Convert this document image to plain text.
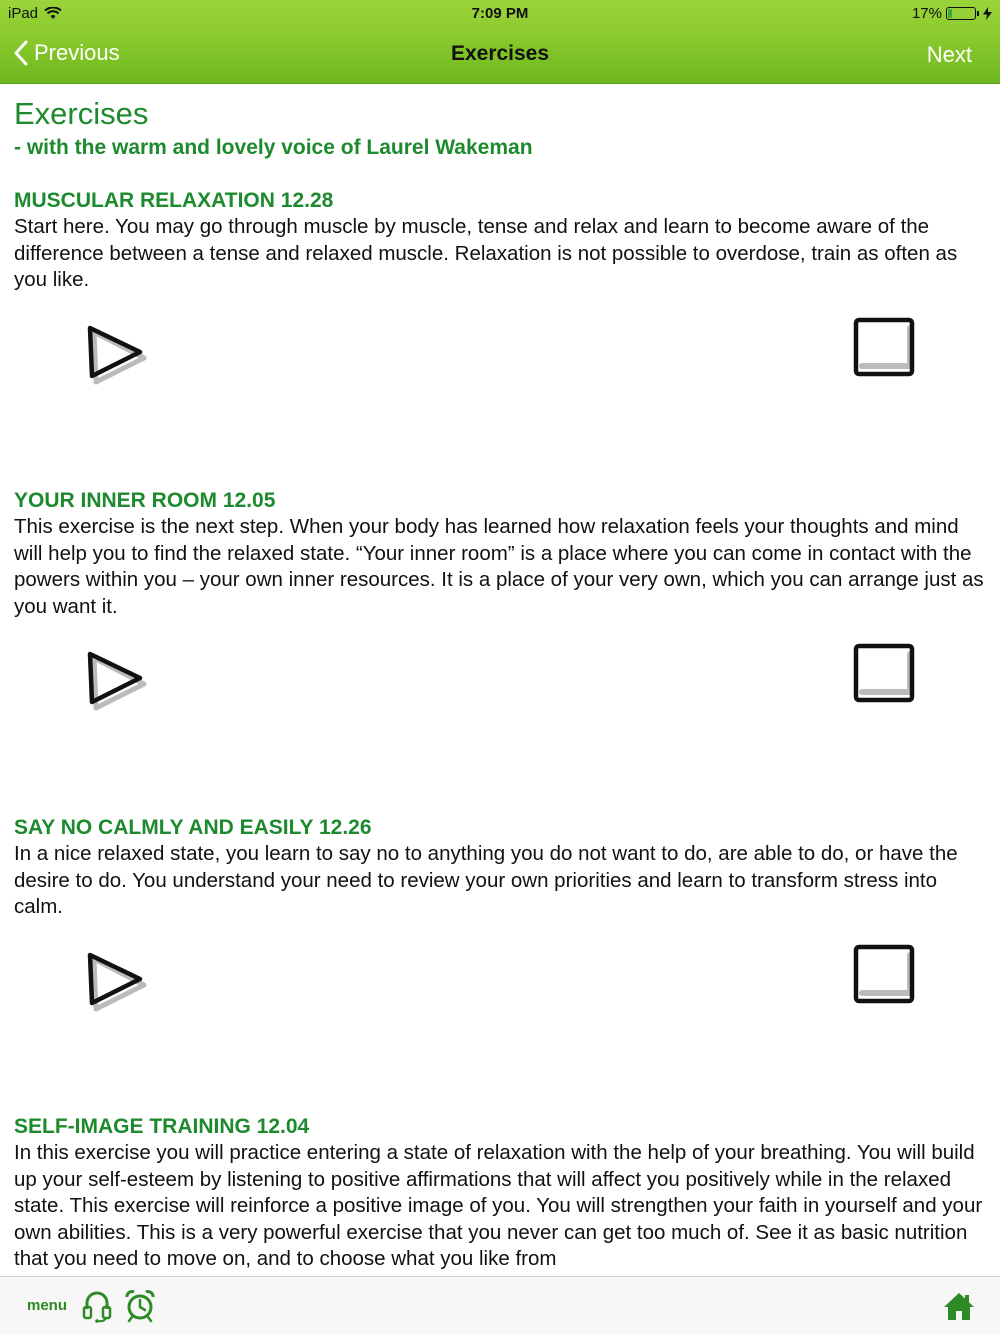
iPad	7:09 PM	17%
Previous	Exercises	Next
Exercises
- with the warm and lovely voice of Laurel Wakeman
MUSCULAR RELAXATION 12.28
Start here. You may go through muscle by muscle, tense and relax and learn to become aware of the difference between a tense and relaxed muscle. Relaxation is not possible to overdose, train as often as you like.
YOUR INNER ROOM 12.05
This exercise is the next step. When your body has learned how relaxation feels your thoughts and mind will help you to find the relaxed state. “Your inner room” is a place where you can come in contact with the powers within you – your own inner resources. It is a place of your very own, which you can arrange just as you want it.
SAY NO CALMLY AND EASILY 12.26
In a nice relaxed state, you learn to say no to anything you do not want to do, are able to do, or have the desire to do. You understand your need to review your own priorities and learn to transform stress into calm.
SELF-IMAGE TRAINING 12.04
In this exercise you will practice entering a state of relaxation with the help of your breathing. You will build up your self-esteem by listening to positive affirmations that will affect you positively while in the relaxed state. This exercise will reinforce a positive image of you. You will strengthen your faith in yourself and your own abilities. This is a very powerful exercise that you never can get too much of. See it as basic nutrition that you need to move on, and to choose what you like from
menu
